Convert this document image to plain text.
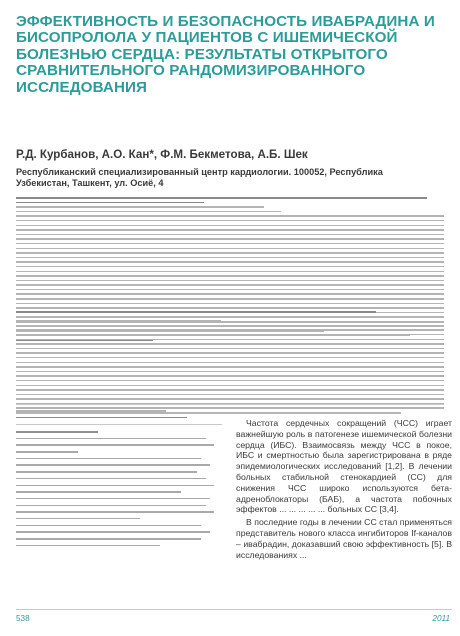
ЭФФЕКТИВНОСТЬ И БЕЗОПАСНОСТЬ ИВАБРАДИНА И БИСОПРОЛОЛА У ПАЦИЕНТОВ С ИШЕМИЧЕСКОЙ БОЛЕЗНЬЮ СЕРДЦА: РЕЗУЛЬТАТЫ ОТКРЫТОГО СРАВНИТЕЛЬНОГО РАНДОМИЗИРОВАННОГО ИССЛЕДОВАНИЯ

Р.Д. Курбанов, А.О. Кан*, Ф.М. Бекметова, А.Б. Шек

Республиканский специализированный центр кардиологии. 100052, Республика Узбекистан, Ташкент, ул. Осиё, 4

Частота сердечных сокращений (ЧСС) играет важнейшую роль в патогенезе ишемической болезни сердца (ИБС). Взаимосвязь между ЧСС в покое, ИБС и смертностью была зарегистрирована в ряде эпидемиологических исследований [1,2]. В лечении больных стабильной стенокардией (СС) для снижения ЧСС широко используются бета-адреноблокаторы (БАБ), а частота побочных эффектов ... ... ... ... ... больных СС [3,4].

В последние годы в лечении СС стал применяться представитель нового класса ингибиторов If-каналов – ивабрадин, доказавший свою эффективность [5]. В исследованиях ...

538	2011
